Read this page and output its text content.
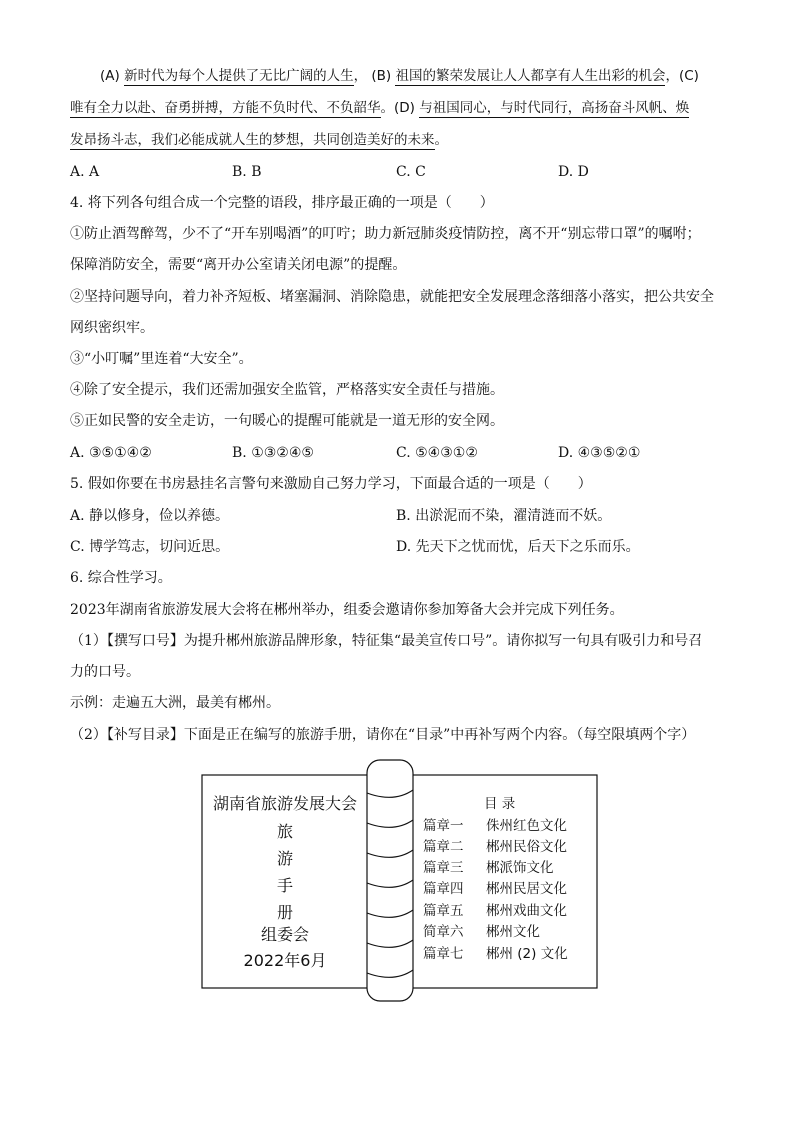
(A) 新时代为每个人提供了无比广阔的人生， (B) 祖国的繁荣发展让人人都享有人生出彩的机会，(C)
唯有全力以赴、奋勇拼搏，方能不负时代、不负韶华。(D) 与祖国同心，与时代同行，高扬奋斗风帆、焕
发昂扬斗志，我们必能成就人生的梦想，共同创造美好的未来。
A. A	B. B	C. C	D. D
4. 将下列各句组合成一个完整的语段，排序最正确的一项是（　　）
①防止酒驾醉驾，少不了“开车别喝酒”的叮咛；助力新冠肺炎疫情防控，离不开“别忘带口罩”的嘱咐；
保障消防安全，需要“离开办公室请关闭电源”的提醒。
②坚持问题导向，着力补齐短板、堵塞漏洞、消除隐患，就能把安全发展理念落细落小落实，把公共安全
网织密织牢。
③“小叮嘱”里连着“大安全”。
④除了安全提示，我们还需加强安全监管，严格落实安全责任与措施。
⑤正如民警的安全走访，一句暖心的提醒可能就是一道无形的安全网。
A. ③⑤①④②	B. ①③②④⑤	C. ⑤④③①②	D. ④③⑤②①
5. 假如你要在书房悬挂名言警句来激励自己努力学习，下面最合适的一项是（　　）
A. 静以修身，俭以养德。	B. 出淤泥而不染，濯清涟而不妖。
C. 博学笃志，切问近思。	D. 先天下之忧而忧，后天下之乐而乐。
6. 综合性学习。
2023年湖南省旅游发展大会将在郴州举办，组委会邀请你参加筹备大会并完成下列任务。
（1）【撰写口号】为提升郴州旅游品牌形象，特征集“最美宣传口号”。请你拟写一句具有吸引力和号召
力的口号。
示例：走遍五大洲，最美有郴州。
（2）【补写目录】下面是正在编写的旅游手册，请你在“目录”中再补写两个内容。（每空限填两个字）
湖南省旅游发展大会
旅
游
手
册
组委会
2022年6月
目 录
篇章一 侏州红色文化
篇章二 郴州民俗文化
篇章三 郴派饰文化
篇章四 郴州民居文化
篇章五 郴州戏曲文化
简章六 郴州文化
篇章七 郴州 (2) 文化
